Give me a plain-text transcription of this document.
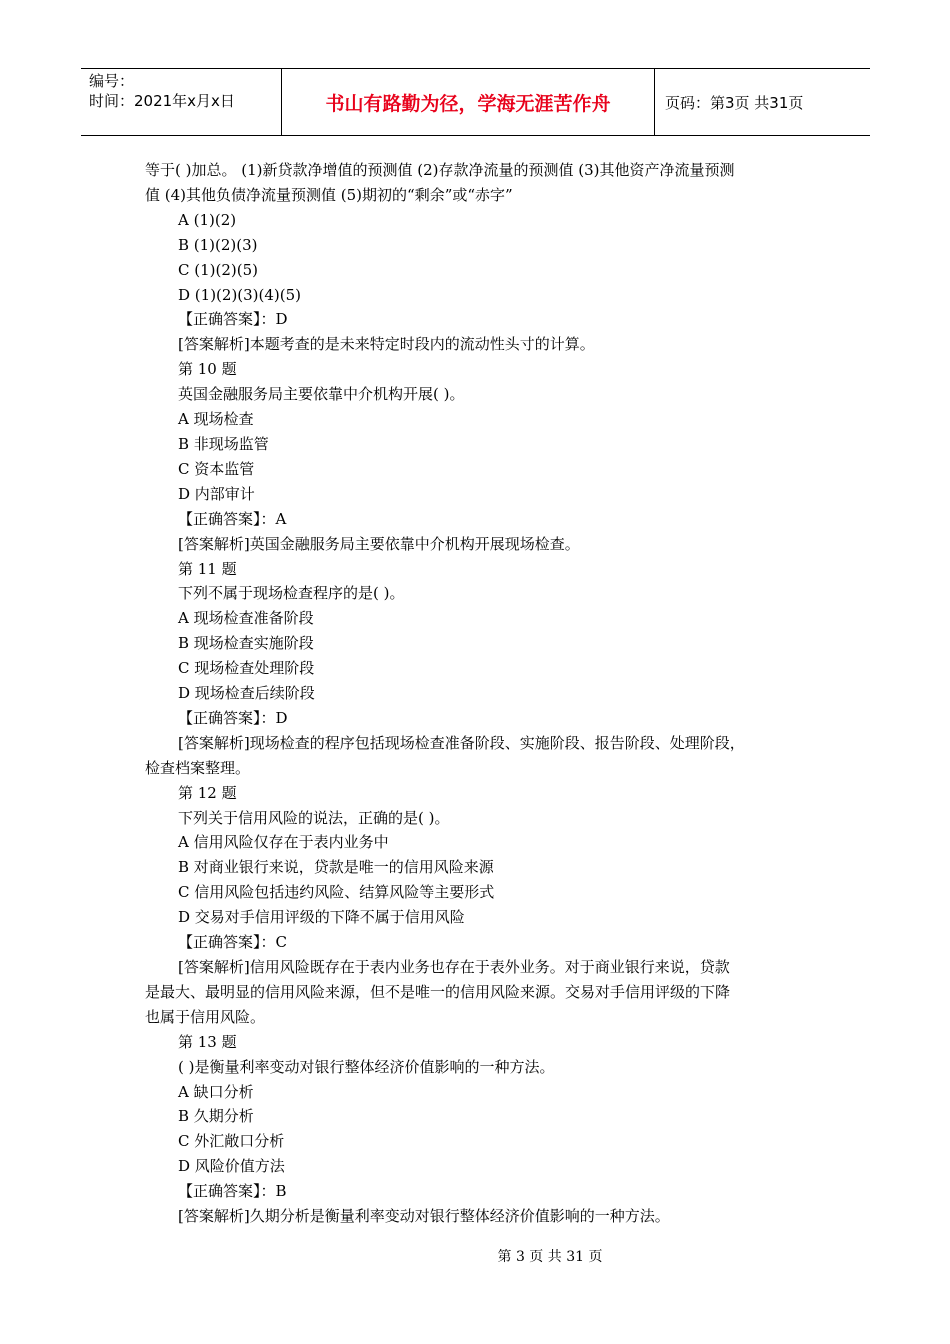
编号：
时间：2021年x月x日	书山有路勤为径，学海无涯苦作舟	页码：第3页 共31页
等于( )加总。 (1)新贷款净增值的预测值 (2)存款净流量的预测值 (3)其他资产净流量预测
值 (4)其他负债净流量预测值 (5)期初的“剩余”或“赤字”
A (1)(2)
B (1)(2)(3)
C (1)(2)(5)
D (1)(2)(3)(4)(5)
【正确答案】：D
[答案解析]本题考查的是未来特定时段内的流动性头寸的计算。
第 10 题
英国金融服务局主要依靠中介机构开展( )。
A 现场检查
B 非现场监管
C 资本监管
D 内部审计
【正确答案】：A
[答案解析]英国金融服务局主要依靠中介机构开展现场检查。
第 11 题
下列不属于现场检查程序的是( )。
A 现场检查准备阶段
B 现场检查实施阶段
C 现场检查处理阶段
D 现场检查后续阶段
【正确答案】：D
[答案解析]现场检查的程序包括现场检查准备阶段、实施阶段、报告阶段、处理阶段，
检查档案整理。
第 12 题
下列关于信用风险的说法，正确的是( )。
A 信用风险仅存在于表内业务中
B 对商业银行来说，贷款是唯一的信用风险来源
C 信用风险包括违约风险、结算风险等主要形式
D 交易对手信用评级的下降不属于信用风险
【正确答案】：C
[答案解析]信用风险既存在于表内业务也存在于表外业务。对于商业银行来说，贷款
是最大、最明显的信用风险来源，但不是唯一的信用风险来源。交易对手信用评级的下降
也属于信用风险。
第 13 题
( )是衡量利率变动对银行整体经济价值影响的一种方法。
A 缺口分析
B 久期分析
C 外汇敞口分析
D 风险价值方法
【正确答案】：B
[答案解析]久期分析是衡量利率变动对银行整体经济价值影响的一种方法。
第 3 页 共 31 页
